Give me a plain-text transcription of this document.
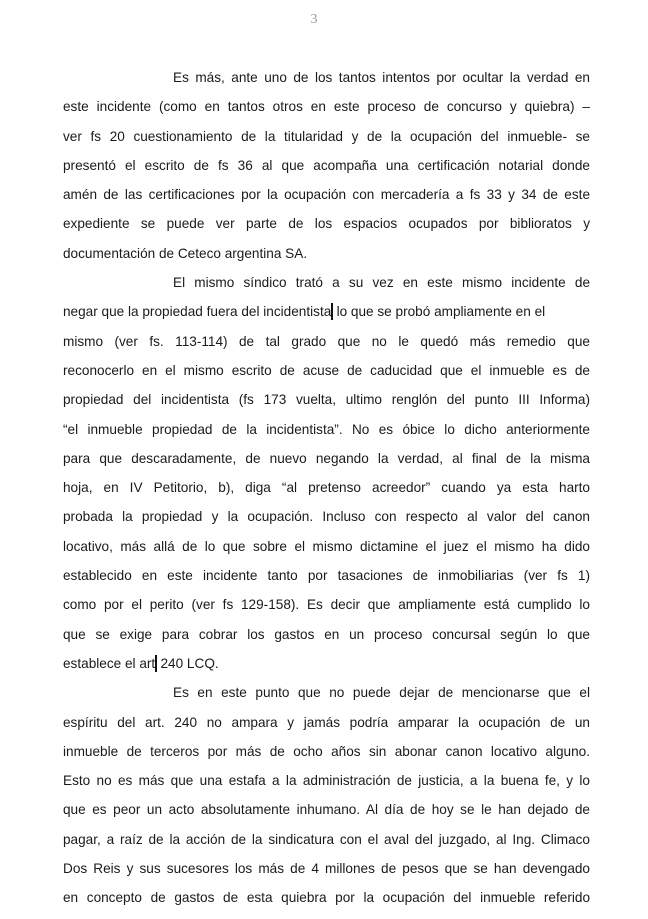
3

Es más, ante uno de los tantos intentos por ocultar la verdad en

este incidente (como en tantos otros en este proceso de concurso y quiebra) –

ver fs 20 cuestionamiento de la titularidad y de la ocupación del inmueble- se

presentó el escrito de fs 36 al que acompaña una certificación notarial donde

amén de las certificaciones por la ocupación con mercadería a fs 33 y 34 de este

expediente se puede ver parte de los espacios ocupados por biblioratos y

documentación de Ceteco argentina SA.

El mismo síndico trató a su vez en este mismo incidente de

negar que la propiedad fuera del incidentista lo que se probó ampliamente en el

mismo (ver fs. 113-114) de tal grado que no le quedó más remedio que

reconocerlo en el mismo escrito de acuse de caducidad que el inmueble es de

propiedad del incidentista (fs 173 vuelta, ultimo renglón del punto III Informa)

“el inmueble propiedad de la incidentista”. No es óbice lo dicho anteriormente

para que descaradamente, de nuevo negando la verdad, al final de la misma

hoja, en IV Petitorio, b), diga “al pretenso acreedor” cuando ya esta harto

probada la propiedad y la ocupación. Incluso con respecto al valor del canon

locativo, más allá de lo que sobre el mismo dictamine el juez el mismo ha dido

establecido en este incidente tanto por tasaciones de inmobiliarias (ver fs 1)

como por el perito (ver fs 129-158). Es decir que ampliamente está cumplido lo

que se exige para cobrar los gastos en un proceso concursal según lo que

establece el art 240 LCQ.

Es en este punto que no puede dejar de mencionarse que el

espíritu del art. 240 no ampara y jamás podría amparar la ocupación de un

inmueble de terceros por más de ocho años sin abonar canon locativo alguno.

Esto no es más que una estafa a la administración de justicia, a la buena fe, y lo

que es peor un acto absolutamente inhumano. Al día de hoy se le han dejado de

pagar, a raíz de la acción de la sindicatura con el aval del juzgado, al Ing. Climaco

Dos Reis y sus sucesores los más de 4 millones de pesos que se han devengado

en concepto de gastos de esta quiebra por la ocupación del inmueble referido
